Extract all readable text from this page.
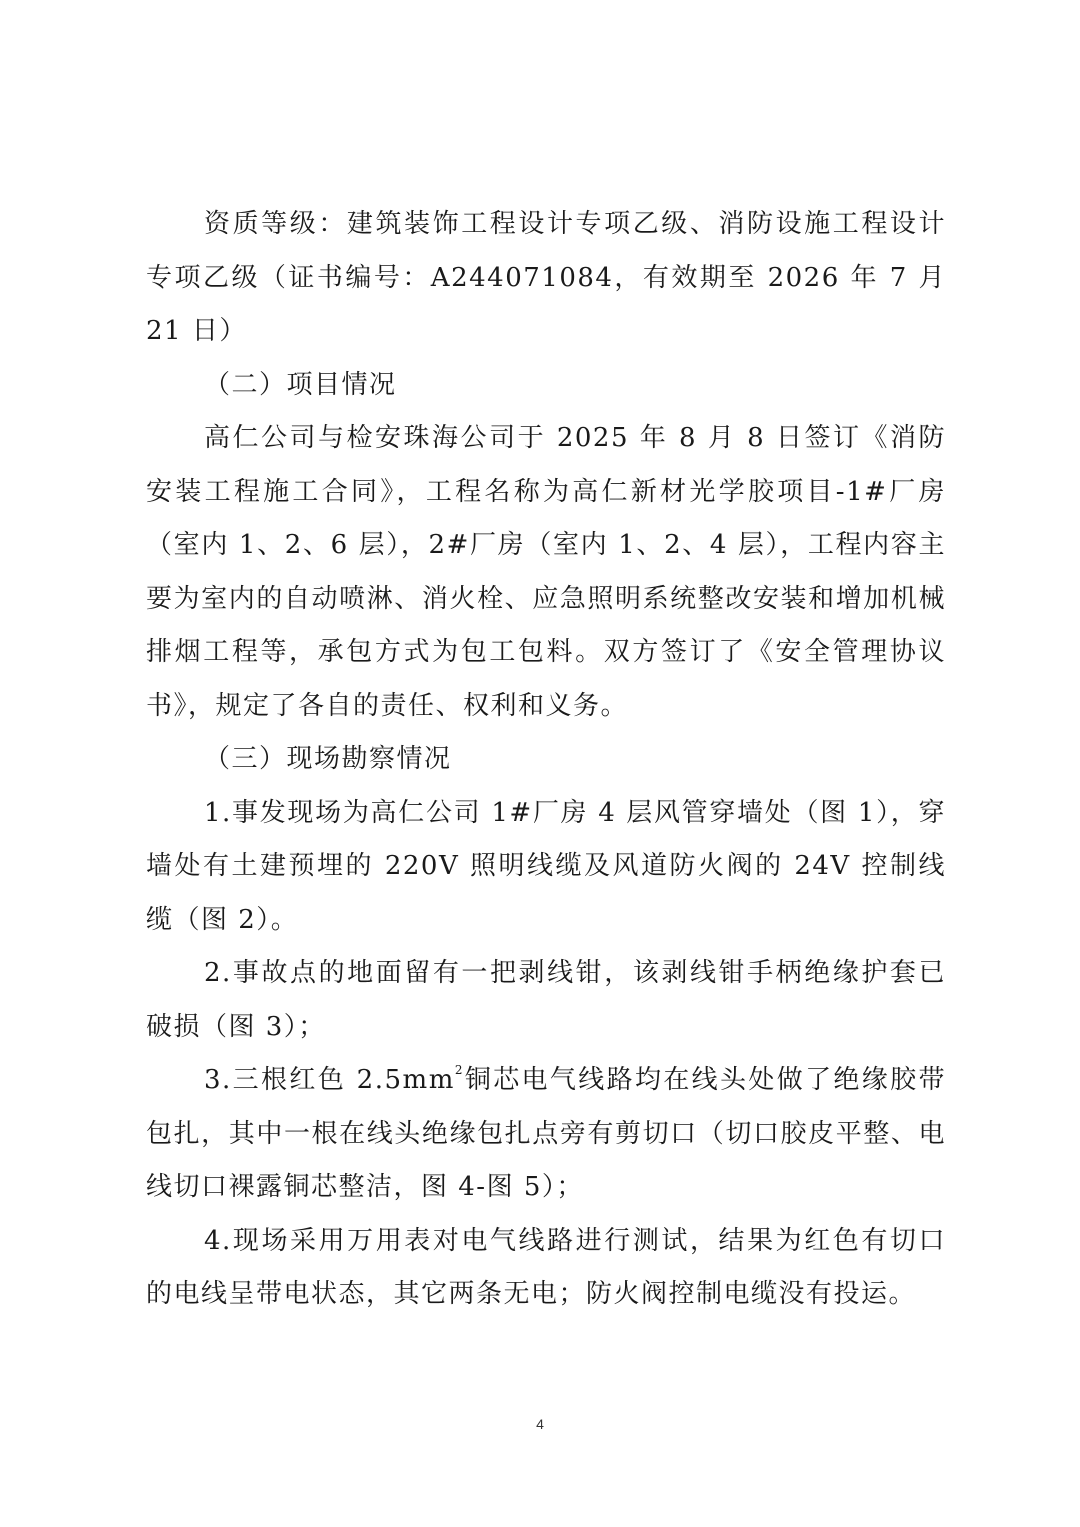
资质等级：建筑装饰工程设计专项乙级、消防设施工程设计专项乙级（证书编号：A244071084，有效期至 2026 年 7 月 21 日）

（二）项目情况

高仁公司与检安珠海公司于 2025 年 8 月 8 日签订《消防安装工程施工合同》，工程名称为高仁新材光学胶项目-1#厂房（室内 1、2、6 层），2#厂房（室内 1、2、4 层），工程内容主要为室内的自动喷淋、消火栓、应急照明系统整改安装和增加机械排烟工程等，承包方式为包工包料。双方签订了《安全管理协议书》，规定了各自的责任、权利和义务。

（三）现场勘察情况

1.事发现场为高仁公司 1#厂房 4 层风管穿墙处（图 1），穿墙处有土建预埋的 220V 照明线缆及风道防火阀的 24V 控制线缆（图 2）。

2.事故点的地面留有一把剥线钳，该剥线钳手柄绝缘护套已破损（图 3）；

3.三根红色 $2.5mm^2$铜芯电气线路均在线头处做了绝缘胶带包扎，其中一根在线头绝缘包扎点旁有剪切口（切口胶皮平整、电线切口裸露铜芯整洁，图 4-图 5）；

4.现场采用万用表对电气线路进行测试，结果为红色有切口的电线呈带电状态，其它两条无电；防火阀控制电缆没有投运。

4
